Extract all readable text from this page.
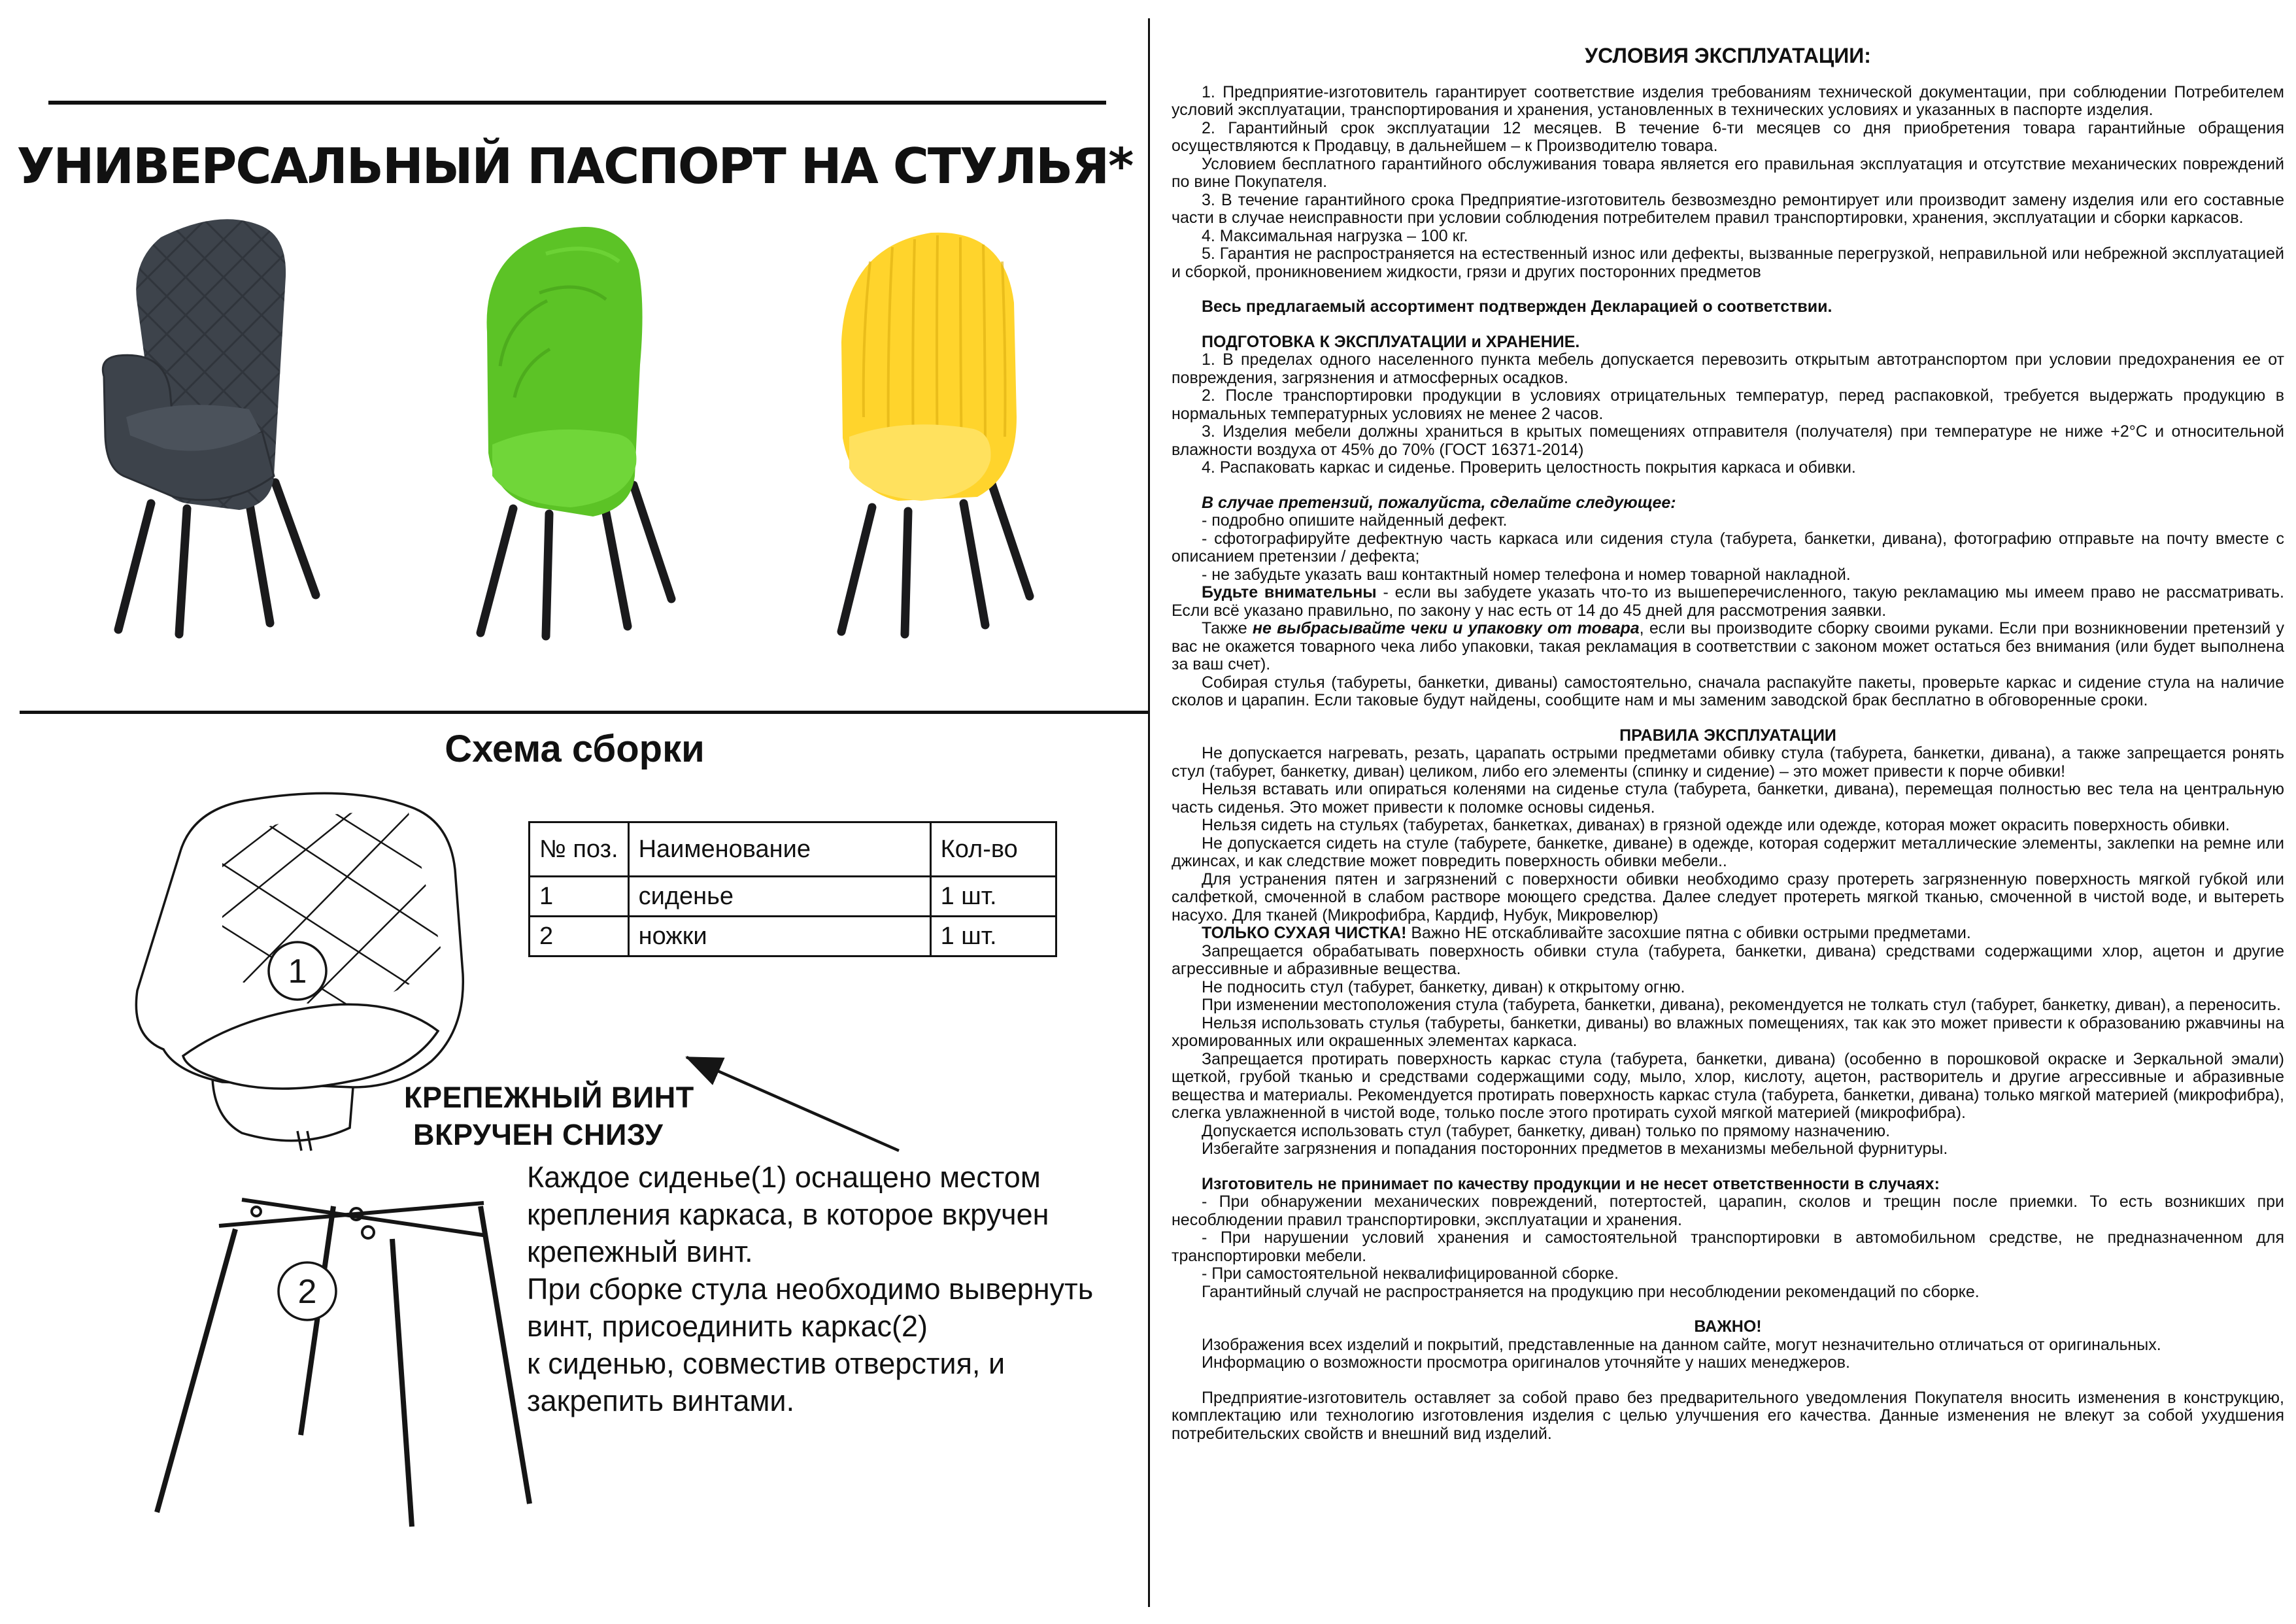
УНИВЕРСАЛЬНЫЙ ПАСПОРТ НА СТУЛЬЯ*
Схема сборки
1
2
№ поз.	Наименование	Кол-во
1	сиденье	1 шт.
2	ножки	1 шт.
КРЕПЕЖНЫЙ ВИНТ
ВКРУЧЕН СНИЗУ
Каждое сиденье(1) оснащено местом
крепления каркаса, в которое вкручен
крепежный винт.
При сборке стула необходимо вывернуть
винт, присоединить каркас(2)
к сиденью, совместив отверстия, и
закрепить винтами.
УСЛОВИЯ ЭКСПЛУАТАЦИИ:
1. Предприятие-изготовитель гарантирует соответствие изделия требованиям технической документации, при соблюдении Потребителем условий эксплуатации, транспортирования и хранения, установленных в технических условиях и указанных в паспорте изделия.
2. Гарантийный срок эксплуатации 12 месяцев. В течение 6-ти месяцев со дня приобретения товара гарантийные обращения осуществляются к Продавцу, в дальнейшем – к Производителю товара.
Условием бесплатного гарантийного обслуживания товара является его правильная эксплуатация и отсутствие механических повреждений по вине Покупателя.
3. В течение гарантийного срока Предприятие-изготовитель безвозмездно ремонтирует или производит замену изделия или его составные части в случае неисправности при условии соблюдения потребителем правил транспортировки, хранения, эксплуатации и сборки каркасов.
4. Максимальная нагрузка – 100 кг.
5. Гарантия не распространяется на естественный износ или дефекты, вызванные перегрузкой, неправильной или небрежной эксплуатацией и сборкой, проникновением жидкости, грязи и других посторонних предметов
Весь предлагаемый ассортимент подтвержден Декларацией о соответствии.
ПОДГОТОВКА К ЭКСПЛУАТАЦИИ и ХРАНЕНИЕ.
1. В пределах одного населенного пункта мебель допускается перевозить открытым автотранспортом при условии предохранения ее от повреждения, загрязнения и атмосферных осадков.
2. После транспортировки продукции в условиях отрицательных температур, перед распаковкой, требуется выдержать продукцию в нормальных температурных условиях не менее 2 часов.
3. Изделия мебели должны храниться в крытых помещениях отправителя (получателя) при температуре не ниже +2°С и относительной влажности воздуха от 45% до 70% (ГОСТ 16371-2014)
4. Распаковать каркас и сиденье. Проверить целостность покрытия каркаса и обивки.
В случае претензий, пожалуйста, сделайте следующее:
- подробно опишите найденный дефект.
- сфотографируйте дефектную часть каркаса или сидения стула (табурета, банкетки, дивана), фотографию отправьте на почту вместе с описанием претензии / дефекта;
- не забудьте указать ваш контактный номер телефона и номер товарной накладной.
Будьте внимательны - если вы забудете указать что-то из вышеперечисленного, такую рекламацию мы имеем право не рассматривать. Если всё указано правильно, по закону у нас есть от 14 до 45 дней для рассмотрения заявки.
Также не выбрасывайте чеки и упаковку от товара, если вы производите сборку своими руками. Если при возникновении претензий у вас не окажется товарного чека либо упаковки, такая рекламация в соответствии с законом может остаться без внимания (или будет выполнена за ваш счет).
Собирая стулья (табуреты, банкетки, диваны) самостоятельно, сначала распакуйте пакеты, проверьте каркас и сидение стула на наличие сколов и царапин. Если таковые будут найдены, сообщите нам и мы заменим заводской брак бесплатно в обговоренные сроки.
ПРАВИЛА ЭКСПЛУАТАЦИИ
Не допускается нагревать, резать, царапать острыми предметами обивку стула (табурета, банкетки, дивана), а также запрещается ронять стул (табурет, банкетку, диван) целиком, либо его элементы (спинку и сидение) – это может привести к порче обивки!
Нельзя вставать или опираться коленями на сиденье стула (табурета, банкетки, дивана), перемещая полностью вес тела на центральную часть сиденья. Это может привести к поломке основы сиденья.
Нельзя сидеть на стульях (табуретах, банкетках, диванах) в грязной одежде или одежде, которая может окрасить поверхность обивки.
Не допускается сидеть на стуле (табурете, банкетке, диване) в одежде, которая содержит металлические элементы, заклепки на ремне или джинсах, и как следствие может повредить поверхность обивки мебели..
Для устранения пятен и загрязнений с поверхности обивки необходимо сразу протереть загрязненную поверхность мягкой губкой или салфеткой, смоченной в слабом растворе моющего средства. Далее следует протереть мягкой тканью, смоченной в чистой воде, и вытереть насухо. Для тканей (Микрофибра, Кардиф, Нубук, Микровелюр)
ТОЛЬКО СУХАЯ ЧИСТКА! Важно НЕ отскабливайте засохшие пятна с обивки острыми предметами.
Запрещается обрабатывать поверхность обивки стула (табурета, банкетки, дивана) средствами содержащими хлор, ацетон и другие агрессивные и абразивные вещества.
Не подносить стул (табурет, банкетку, диван) к открытому огню.
При изменении местоположения стула (табурета, банкетки, дивана), рекомендуется не толкать стул (табурет, банкетку, диван), а переносить.
Нельзя использовать стулья (табуреты, банкетки, диваны) во влажных помещениях, так как это может привести к образованию ржавчины на хромированных или окрашенных элементах каркаса.
Запрещается протирать поверхность каркас стула (табурета, банкетки, дивана) (особенно в порошковой окраске и Зеркальной эмали) щеткой, грубой тканью и средствами содержащими соду, мыло, хлор, кислоту, ацетон, растворитель и другие агрессивные и абразивные вещества и материалы. Рекомендуется протирать поверхность каркас стула (табурета, банкетки, дивана) только мягкой материей (микрофибра), слегка увлажненной в чистой воде, только после этого протирать сухой мягкой материей (микрофибра).
Допускается использовать стул (табурет, банкетку, диван) только по прямому назначению.
Избегайте загрязнения и попадания посторонних предметов в механизмы мебельной фурнитуры.
Изготовитель не принимает по качеству продукции и не несет ответственности в случаях:
- При обнаружении механических повреждений, потертостей, царапин, сколов и трещин после приемки. То есть возникших при несоблюдении правил транспортировки, эксплуатации и хранения.
- При нарушении условий хранения и самостоятельной транспортировки в автомобильном средстве, не предназначенном для транспортировки мебели.
- При самостоятельной неквалифицированной сборке.
Гарантийный случай не распространяется на продукцию при несоблюдении рекомендаций по сборке.
ВАЖНО!
Изображения всех изделий и покрытий, представленные на данном сайте, могут незначительно отличаться от оригинальных.
Информацию о возможности просмотра оригиналов уточняйте у наших менеджеров.
Предприятие-изготовитель оставляет за собой право без предварительного уведомления Покупателя вносить изменения в конструкцию, комплектацию или технологию изготовления изделия с целью улучшения его качества. Данные изменения не влекут за собой ухудшения потребительских свойств и внешний вид изделий.
